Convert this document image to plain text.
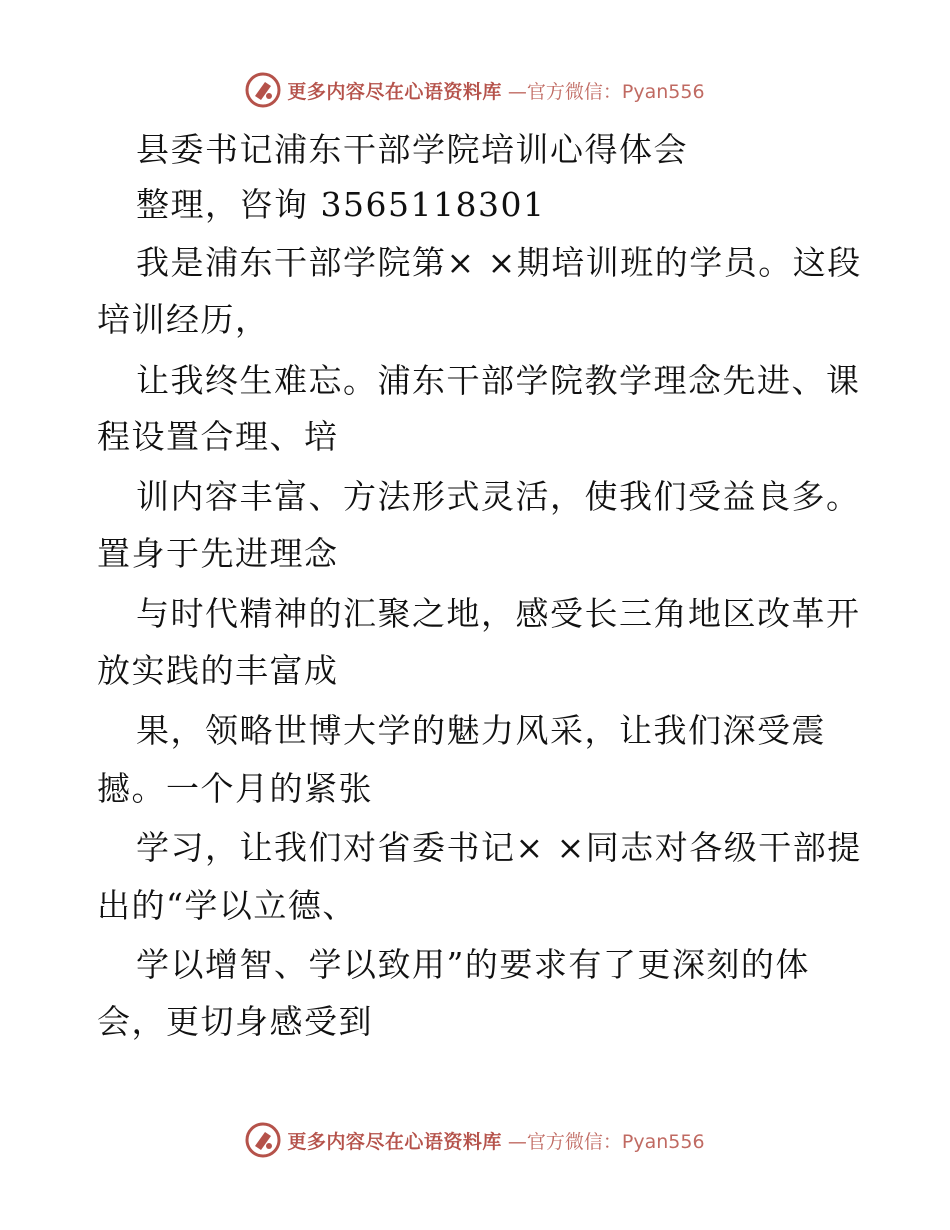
更多内容尽在心语资料库 —官方微信：Pyan556
县委书记浦东干部学院培训心得体会
整理，咨询 3565118301
我是浦东干部学院第× ×期培训班的学员。这段
培训经历，
让我终生难忘。浦东干部学院教学理念先进、课
程设置合理、培
训内容丰富、方法形式灵活，使我们受益良多。
置身于先进理念
与时代精神的汇聚之地，感受长三角地区改革开
放实践的丰富成
果，领略世博大学的魅力风采，让我们深受震
撼。一个月的紧张
学习，让我们对省委书记× ×同志对各级干部提
出的“学以立德、
学以增智、学以致用”的要求有了更深刻的体
会，更切身感受到
更多内容尽在心语资料库 —官方微信：Pyan556
